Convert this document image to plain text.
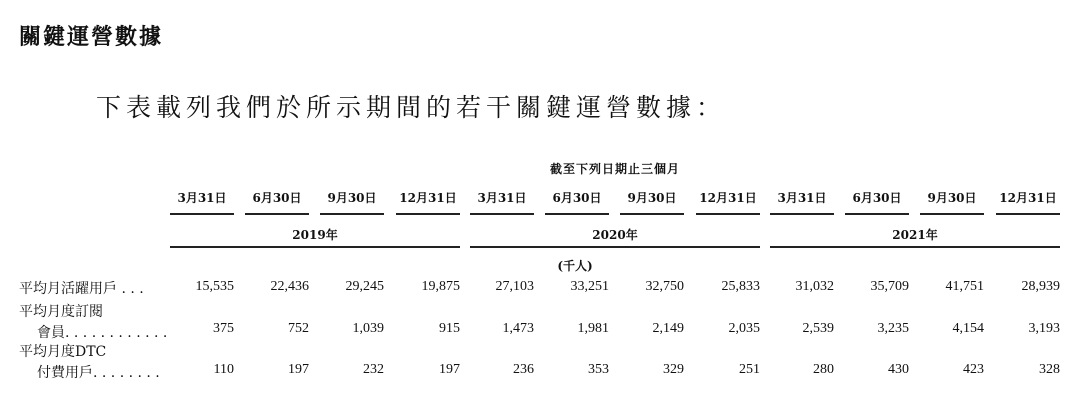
關鍵運營數據
下表載列我們於所示期間的若干關鍵運營數據：
截至下列日期止三個月
3月31日	6月30日	9月30日	12月31日	3月31日	6月30日	9月30日	12月31日	3月31日	6月30日	9月30日	12月31日
2019年	2020年	2021年
(千人)
平均月活躍用戶 . . .	15,535	22,436	29,245	19,875	27,103	33,251	32,750	25,833	31,032	35,709	41,751	28,939
平均月度訂閱
會員. . . . . . . . . . . .	375	752	1,039	915	1,473	1,981	2,149	2,035	2,539	3,235	4,154	3,193
平均月度DTC
付費用戶. . . . . . . .	110	197	232	197	236	353	329	251	280	430	423	328
